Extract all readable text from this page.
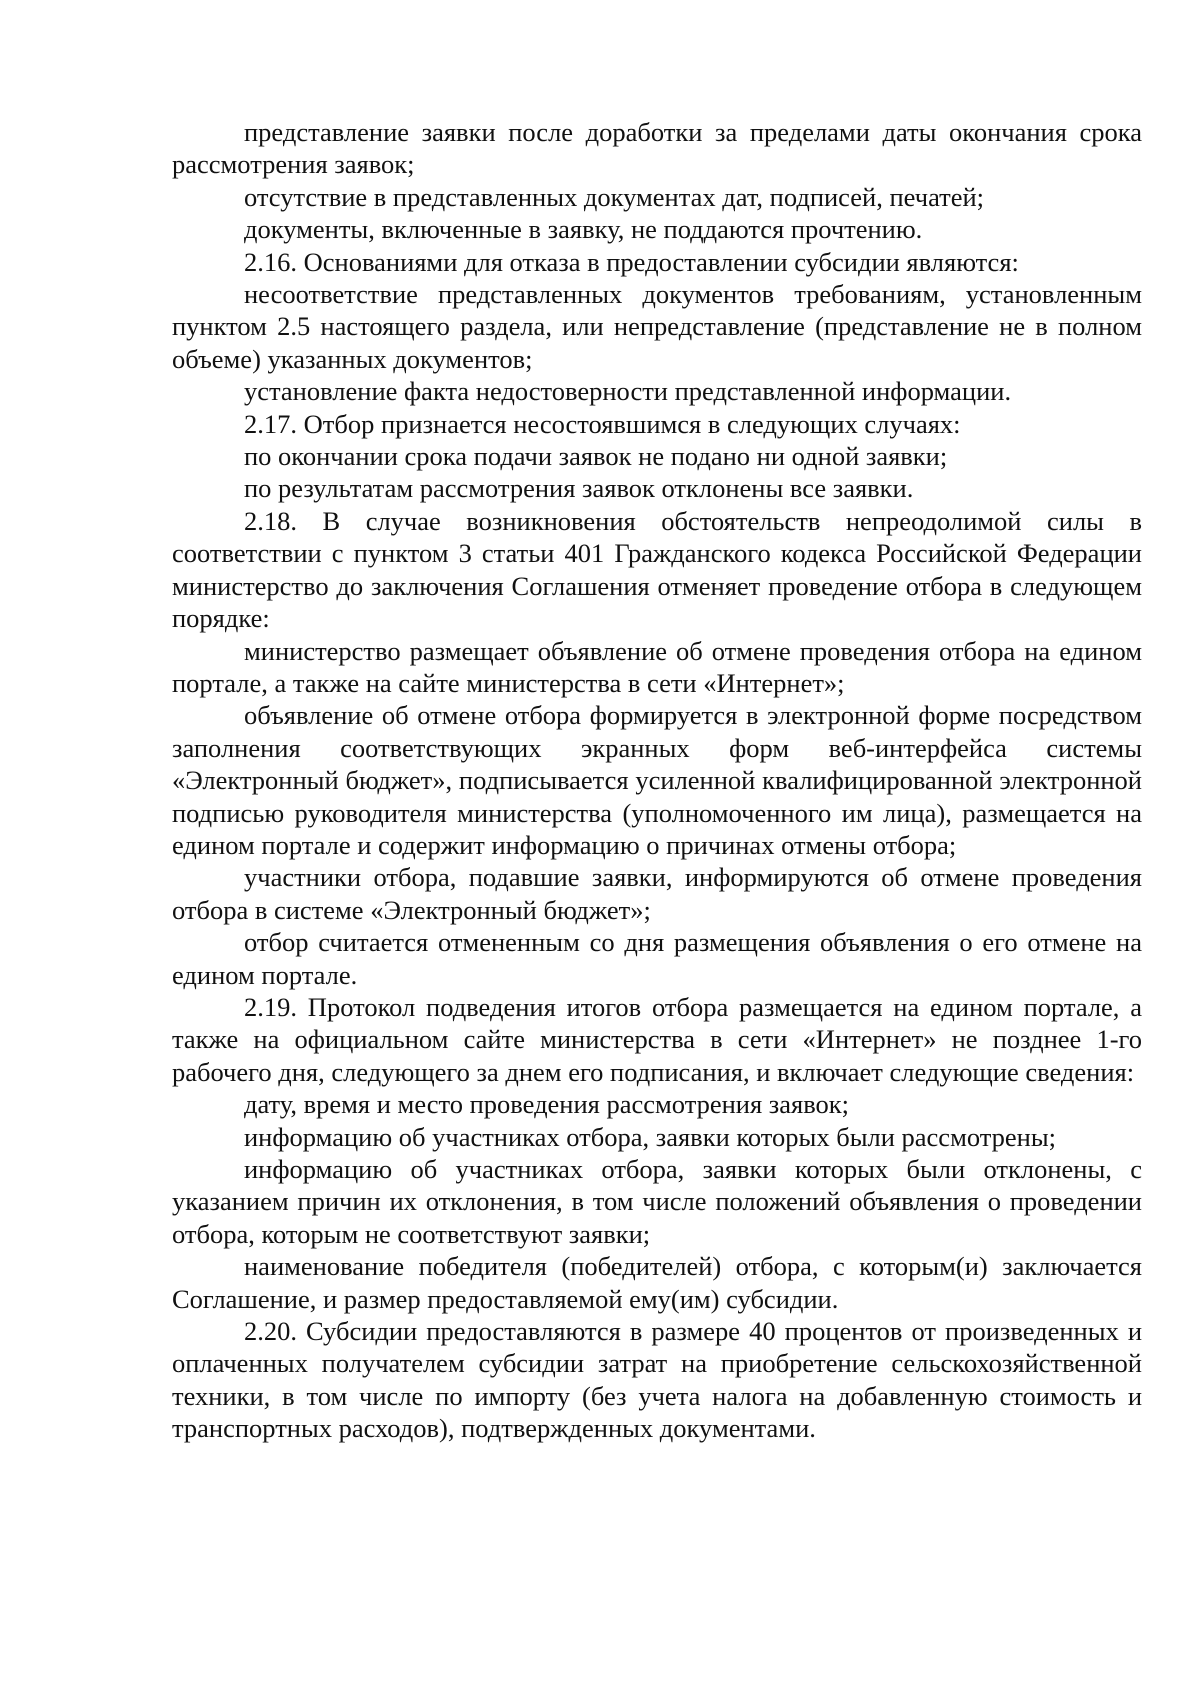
представление заявки после доработки за пределами даты окончания срока рассмотрения заявок;

отсутствие в представленных документах дат, подписей, печатей;

документы, включенные в заявку, не поддаются прочтению.

2.16. Основаниями для отказа в предоставлении субсидии являются:

несоответствие представленных документов требованиям, установленным пунктом 2.5 настоящего раздела, или непредставление (представление не в полном объеме) указанных документов;

установление факта недостоверности представленной информации.

2.17. Отбор признается несостоявшимся в следующих случаях:

по окончании срока подачи заявок не подано ни одной заявки;

по результатам рассмотрения заявок отклонены все заявки.

2.18. В случае возникновения обстоятельств непреодолимой силы в соответствии с пунктом 3 статьи 401 Гражданского кодекса Российской Федерации министерство до заключения Соглашения отменяет проведение отбора в следующем порядке:

министерство размещает объявление об отмене проведения отбора на едином портале, а также на сайте министерства в сети «Интернет»;

объявление об отмене отбора формируется в электронной форме посредством заполнения соответствующих экранных форм веб-интерфейса системы «Электронный бюджет», подписывается усиленной квалифицированной электронной подписью руководителя министерства (уполномоченного им лица), размещается на едином портале и содержит информацию о причинах отмены отбора;

участники отбора, подавшие заявки, информируются об отмене проведения отбора в системе «Электронный бюджет»;

отбор считается отмененным со дня размещения объявления о его отмене на едином портале.

2.19. Протокол подведения итогов отбора размещается на едином портале, а также на официальном сайте министерства в сети «Интернет» не позднее 1-го рабочего дня, следующего за днем его подписания, и включает следующие сведения:

дату, время и место проведения рассмотрения заявок;

информацию об участниках отбора, заявки которых были рассмотрены;

информацию об участниках отбора, заявки которых были отклонены, с указанием причин их отклонения, в том числе положений объявления о проведении отбора, которым не соответствуют заявки;

наименование победителя (победителей) отбора, с которым(и) заключается Соглашение, и размер предоставляемой ему(им) субсидии.

2.20. Субсидии предоставляются в размере 40 процентов от произведенных и оплаченных получателем субсидии затрат на приобретение сельскохозяйственной техники, в том числе по импорту (без учета налога на добавленную стоимость и транспортных расходов), подтвержденных документами.
